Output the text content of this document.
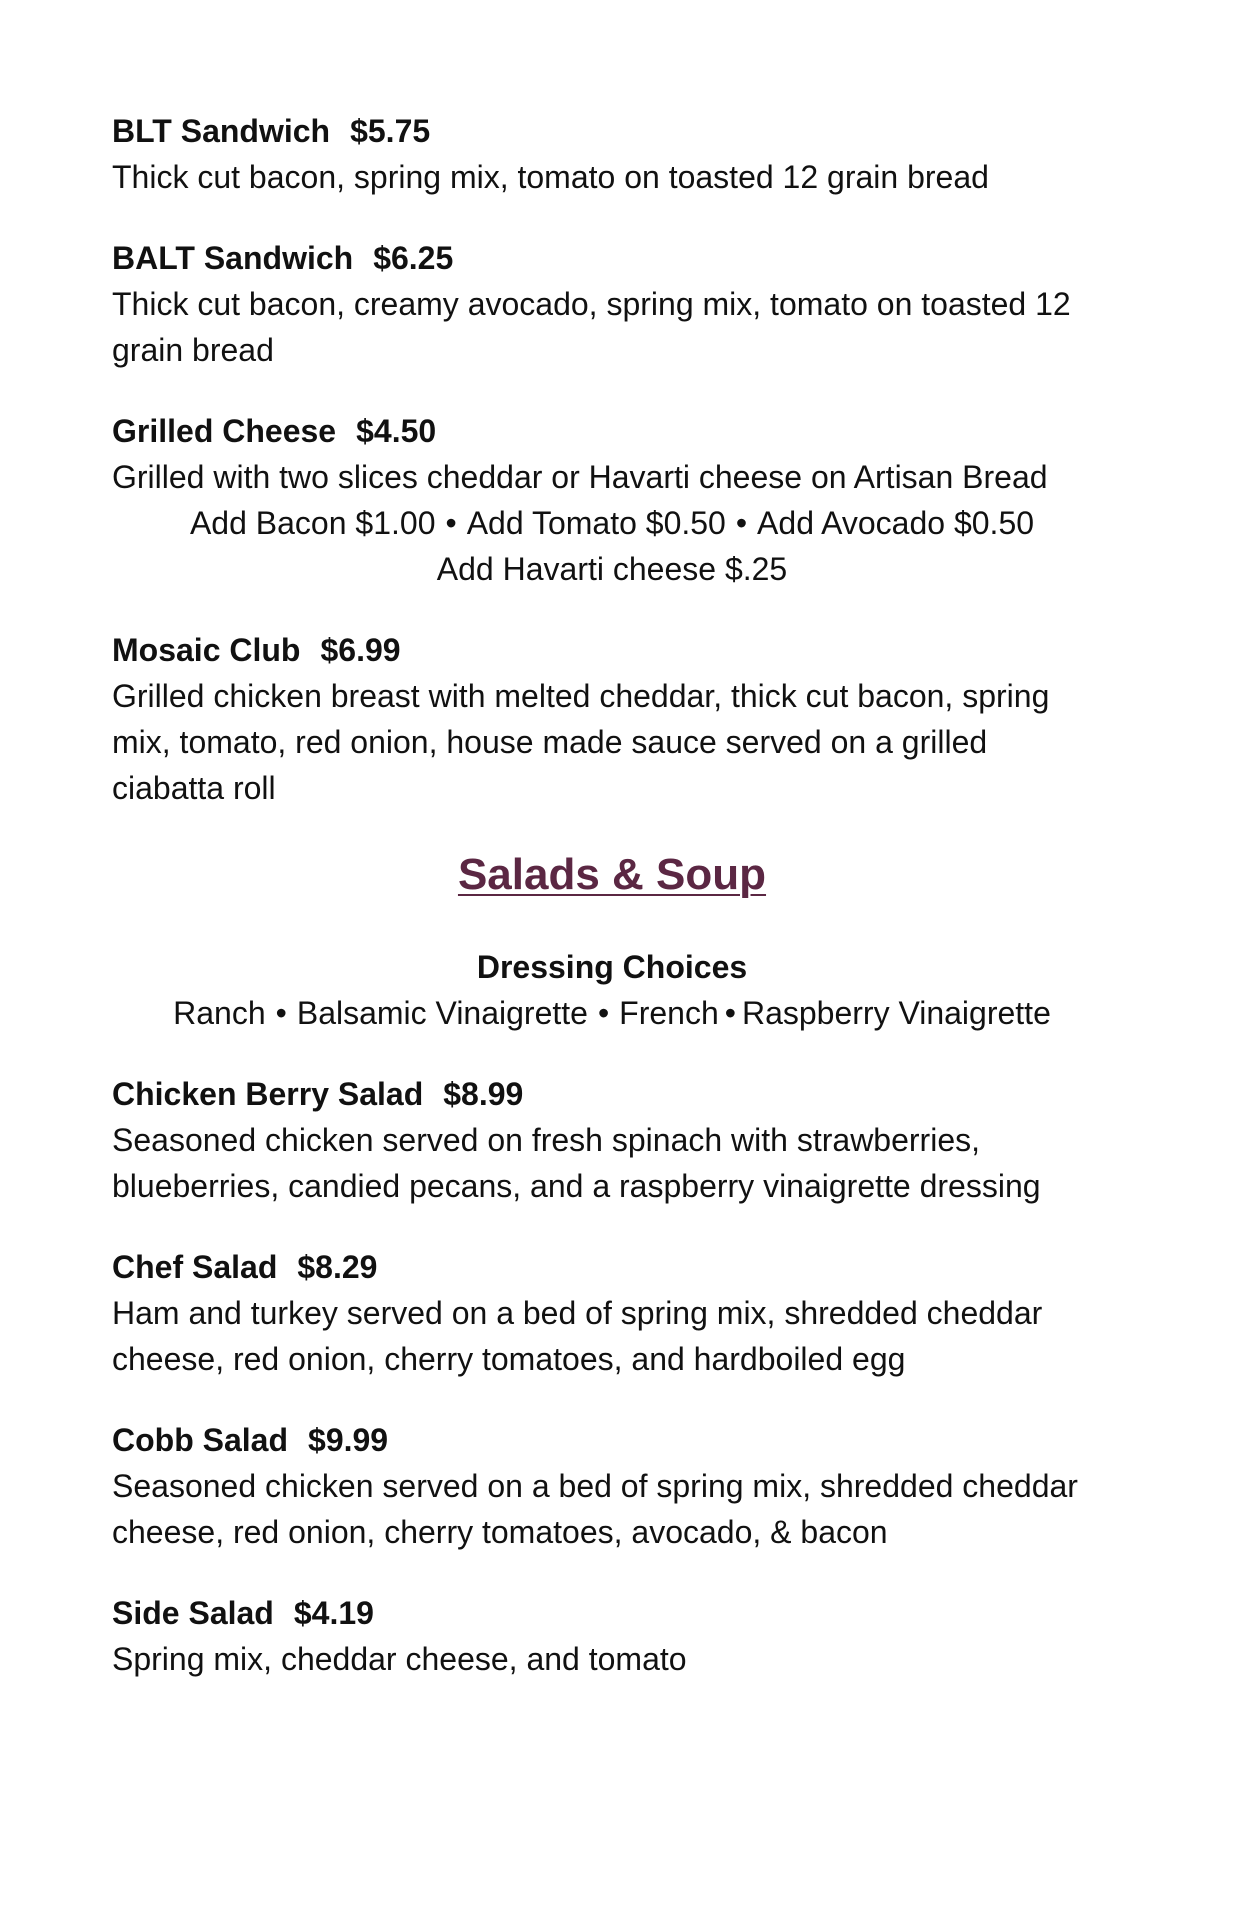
BLT Sandwich $5.75
Thick cut bacon, spring mix, tomato on toasted 12 grain bread
BALT Sandwich $6.25
Thick cut bacon, creamy avocado, spring mix, tomato on toasted 12 grain bread
Grilled Cheese $4.50
Grilled with two slices cheddar or Havarti cheese on Artisan Bread
Add Bacon $1.00 • Add Tomato $0.50 • Add Avocado $0.50
Add Havarti cheese $.25
Mosaic Club $6.99
Grilled chicken breast with melted cheddar, thick cut bacon, spring mix, tomato, red onion, house made sauce served on a grilled ciabatta roll
Salads & Soup
Dressing Choices
Ranch • Balsamic Vinaigrette • French • Raspberry Vinaigrette
Chicken Berry Salad $8.99
Seasoned chicken served on fresh spinach with strawberries, blueberries, candied pecans, and a raspberry vinaigrette dressing
Chef Salad $8.29
Ham and turkey served on a bed of spring mix, shredded cheddar cheese, red onion, cherry tomatoes, and hardboiled egg
Cobb Salad $9.99
Seasoned chicken served on a bed of spring mix, shredded cheddar cheese, red onion, cherry tomatoes, avocado, & bacon
Side Salad $4.19
Spring mix, cheddar cheese, and tomato
